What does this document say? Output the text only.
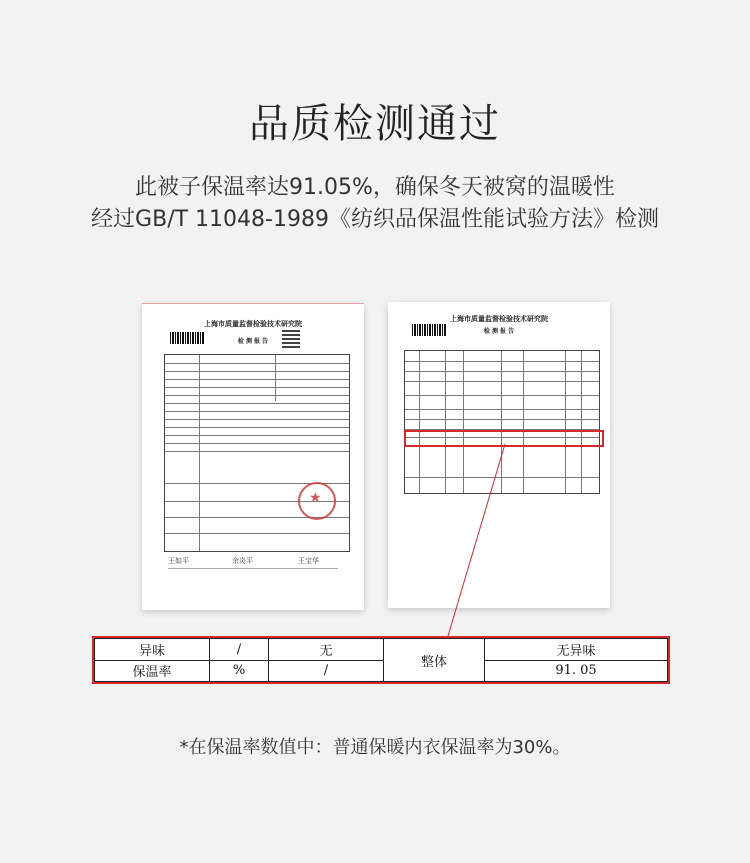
品质检测通过
此被子保温率达91.05%，确保冬天被窝的温暖性
经过GB/T 11048-1989《纺织品保温性能试验方法》检测
上海市质量监督检验技术研究院
检 测 报 告
★
王如平	余炎平	王宝华
上海市质量监督检验技术研究院
检 测 报 告
异味	/	无	整体	无异味
保温率	%	/		91. 05
*在保温率数值中：普通保暖内衣保温率为30%。
